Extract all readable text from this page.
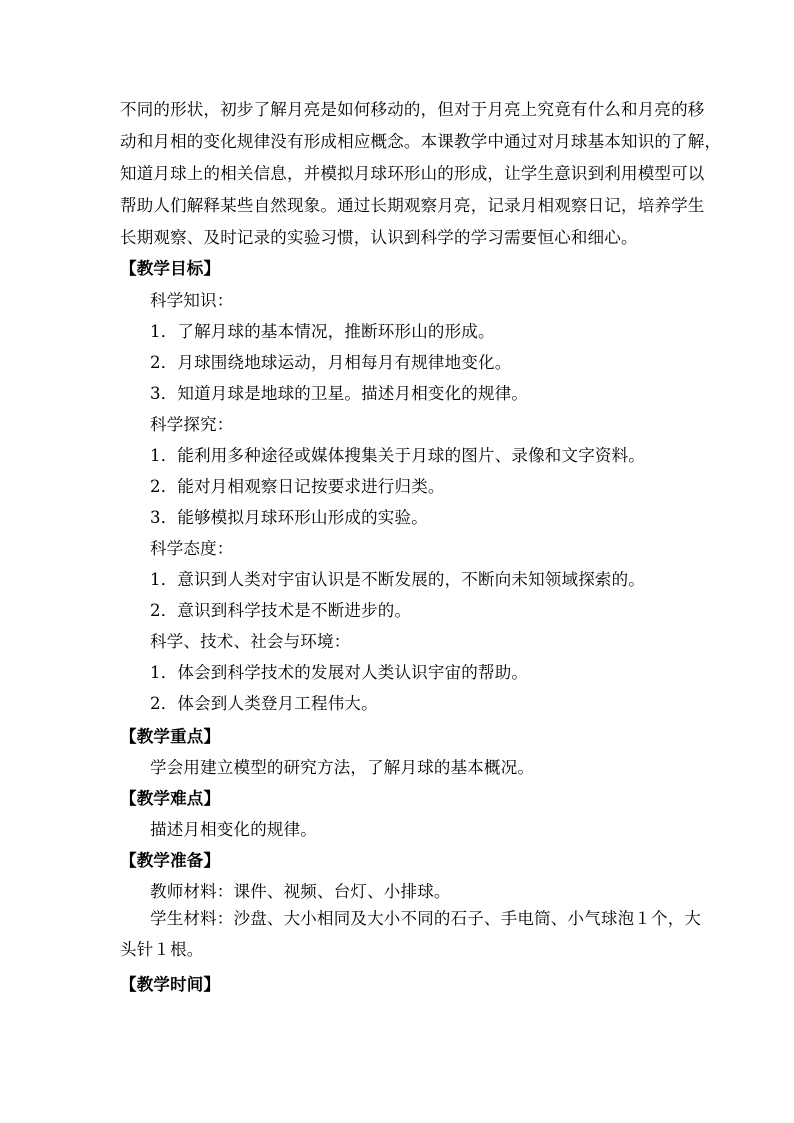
不同的形状，初步了解月亮是如何移动的，但对于月亮上究竟有什么和月亮的移
动和月相的变化规律没有形成相应概念。本课教学中通过对月球基本知识的了解，
知道月球上的相关信息，并模拟月球环形山的形成，让学生意识到利用模型可以
帮助人们解释某些自然现象。通过长期观察月亮，记录月相观察日记，培养学生
长期观察、及时记录的实验习惯，认识到科学的学习需要恒心和细心。
【教学目标】
科学知识：
1．了解月球的基本情况，推断环形山的形成。
2．月球围绕地球运动，月相每月有规律地变化。
3．知道月球是地球的卫星。描述月相变化的规律。
科学探究：
1．能利用多种途径或媒体搜集关于月球的图片、录像和文字资料。
2．能对月相观察日记按要求进行归类。
3．能够模拟月球环形山形成的实验。
科学态度：
1．意识到人类对宇宙认识是不断发展的，不断向未知领域探索的。
2．意识到科学技术是不断进步的。
科学、技术、社会与环境：
1．体会到科学技术的发展对人类认识宇宙的帮助。
2．体会到人类登月工程伟大。
【教学重点】
学会用建立模型的研究方法，了解月球的基本概况。
【教学难点】
描述月相变化的规律。
【教学准备】
教师材料：课件、视频、台灯、小排球。
学生材料：沙盘、大小相同及大小不同的石子、手电筒、小气球泡１个，大
头针１根。
【教学时间】
